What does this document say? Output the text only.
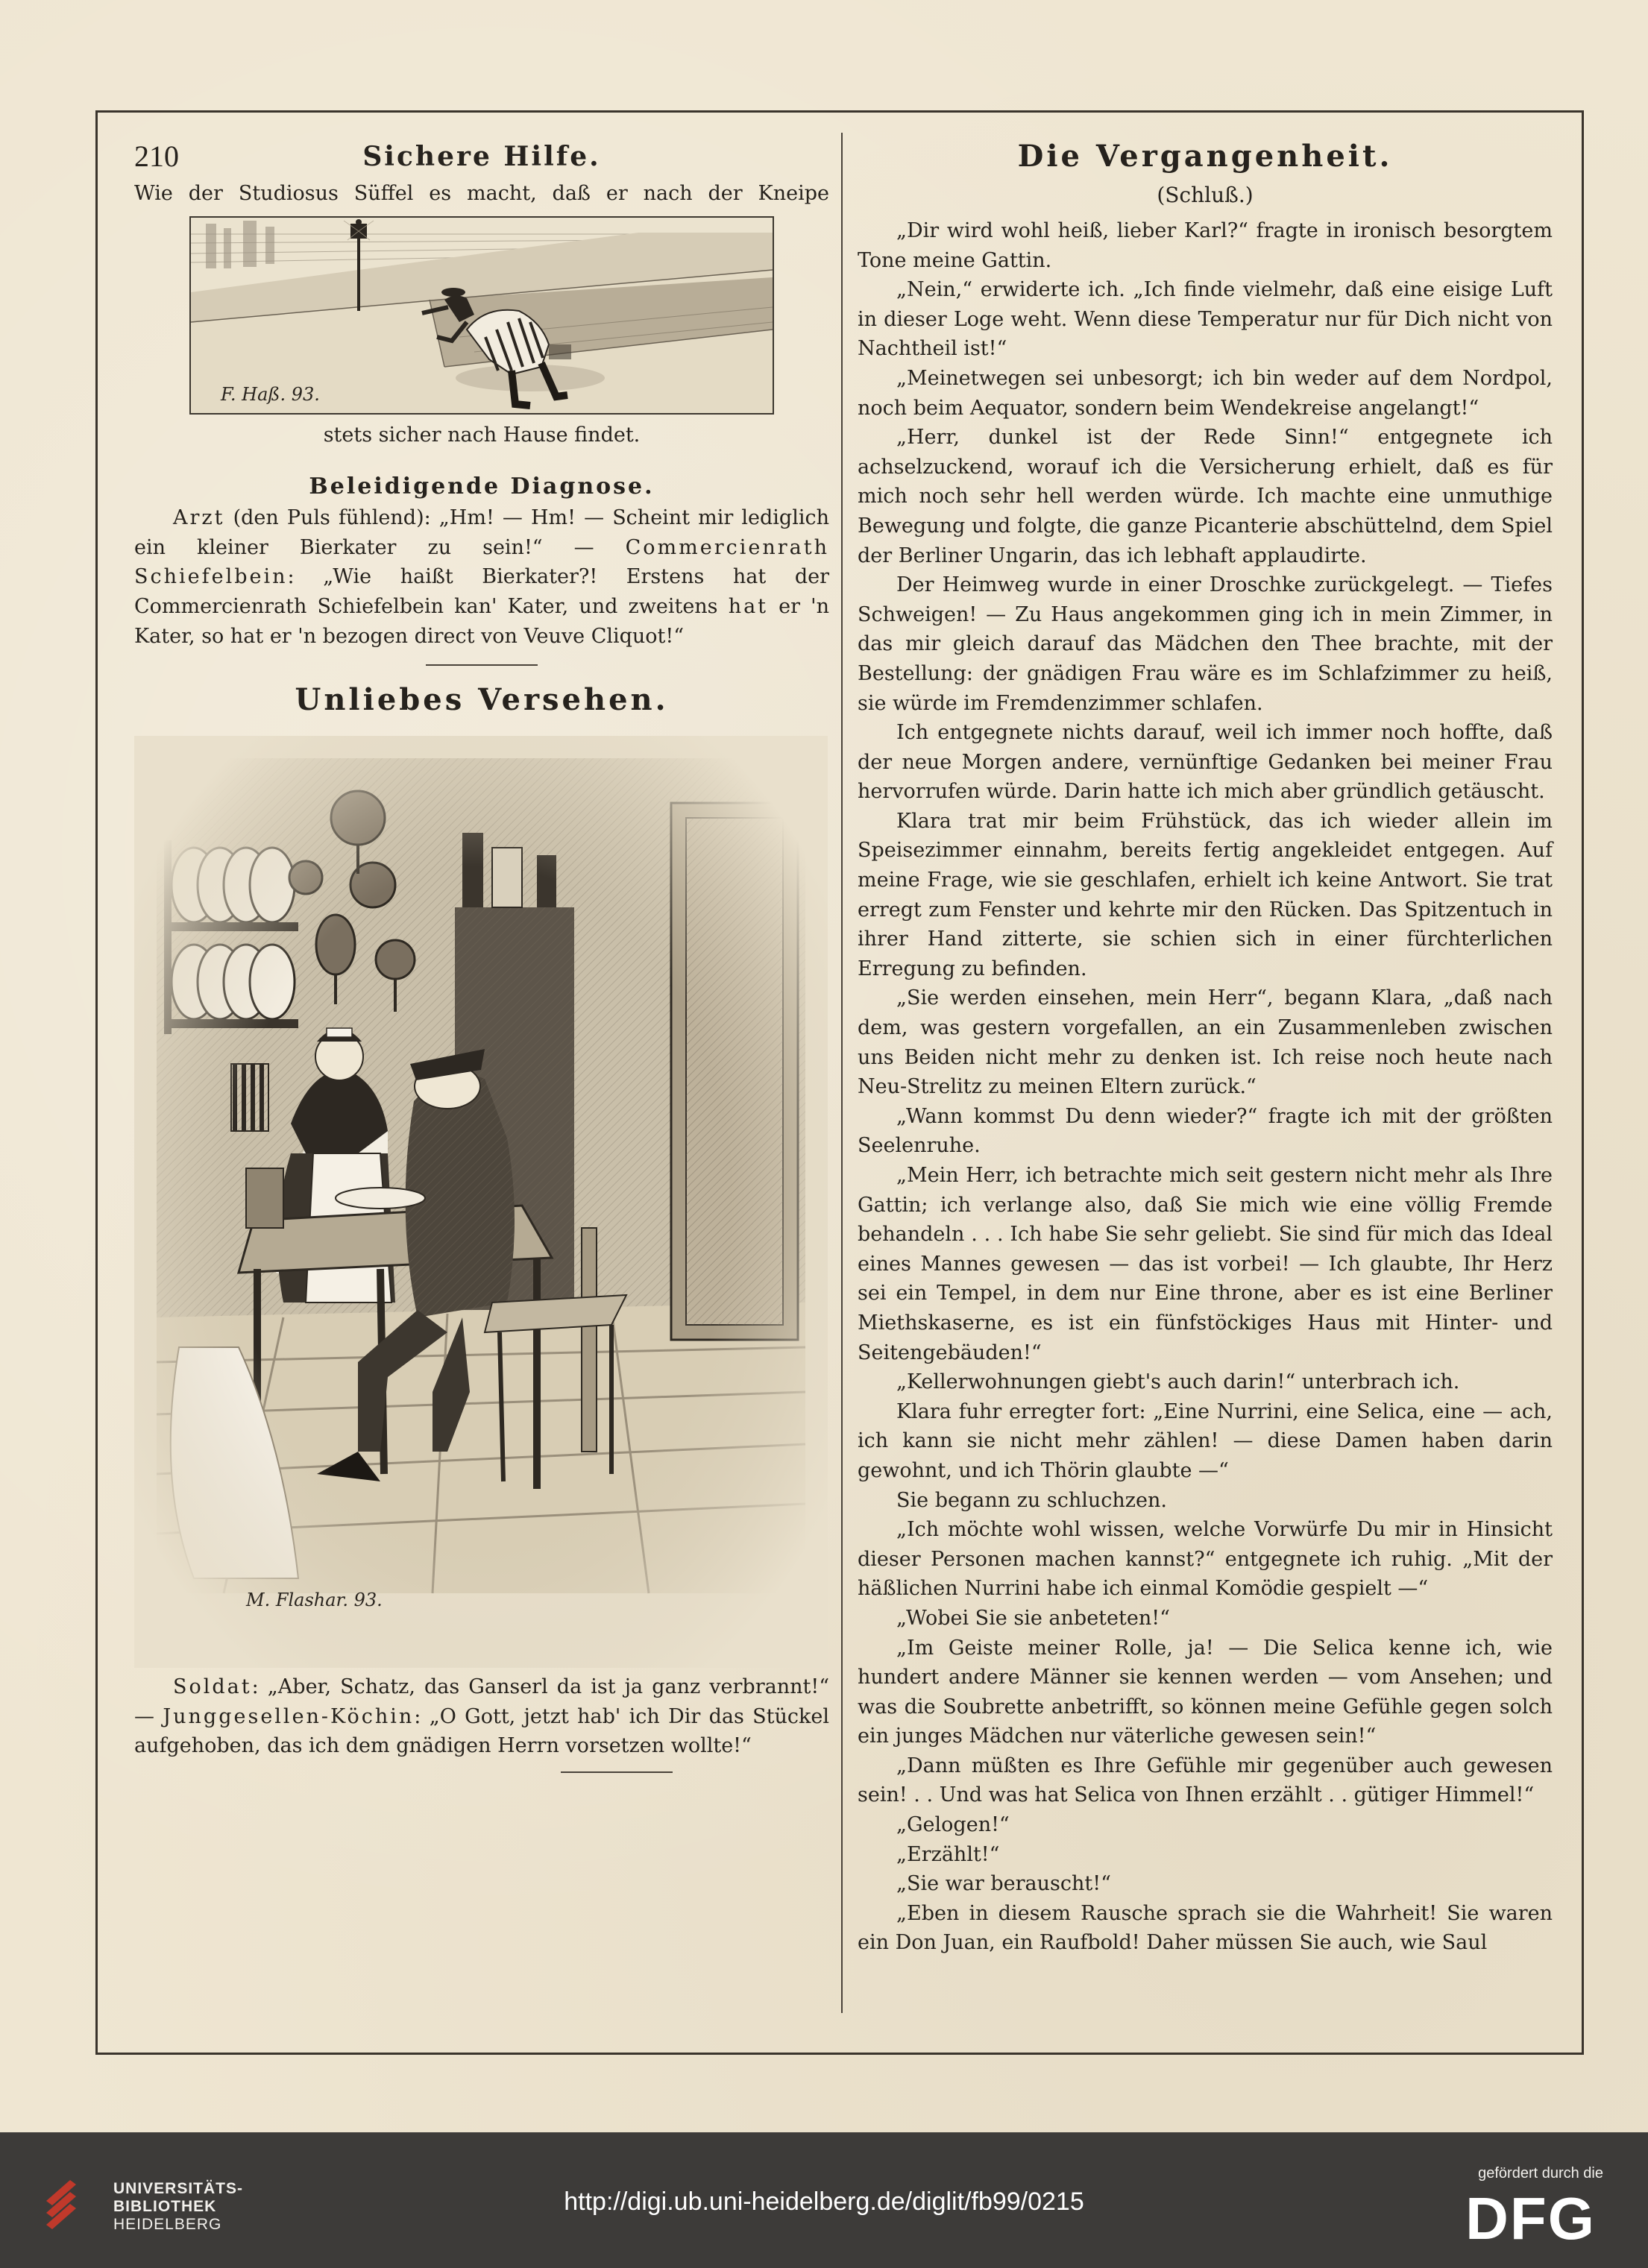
210	Sichere Hilfe.

Wie der Studiosus Süffel es macht, daß er nach der Kneipe

F. Haß. 93.

stets sicher nach Hause findet.

Beleidigende Diagnose.

Arzt (den Puls fühlend): „Hm! — Hm! — Scheint mir lediglich ein kleiner Bierkater zu sein!“ — Commercienrath Schiefelbein: „Wie haißt Bierkater?! Erstens hat der Commercienrath Schiefelbein kan' Kater, und zweitens hat er 'n Kater, so hat er 'n bezogen direct von Veuve Cliquot!“

Unliebes Versehen.
M. Flashar. 93.

Soldat: „Aber, Schatz, das Ganserl da ist ja ganz verbrannt!“ — Junggesellen-Köchin: „O Gott, jetzt hab' ich Dir das Stückel aufgehoben, das ich dem gnädigen Herrn vorsetzen wollte!“

Die Vergangenheit.

(Schluß.)

„Dir wird wohl heiß, lieber Karl?“ fragte in ironisch besorgtem Tone meine Gattin.

„Nein,“ erwiderte ich. „Ich finde vielmehr, daß eine eisige Luft in dieser Loge weht. Wenn diese Temperatur nur für Dich nicht von Nachtheil ist!“

„Meinetwegen sei unbesorgt; ich bin weder auf dem Nordpol, noch beim Aequator, sondern beim Wendekreise angelangt!“

„Herr, dunkel ist der Rede Sinn!“ entgegnete ich achselzuckend, worauf ich die Versicherung erhielt, daß es für mich noch sehr hell werden würde. Ich machte eine unmuthige Bewegung und folgte, die ganze Picanterie abschüttelnd, dem Spiel der Berliner Ungarin, das ich lebhaft applaudirte.

Der Heimweg wurde in einer Droschke zurückgelegt. — Tiefes Schweigen! — Zu Haus angekommen ging ich in mein Zimmer, in das mir gleich darauf das Mädchen den Thee brachte, mit der Bestellung: der gnädigen Frau wäre es im Schlafzimmer zu heiß, sie würde im Fremdenzimmer schlafen.

Ich entgegnete nichts darauf, weil ich immer noch hoffte, daß der neue Morgen andere, vernünftige Gedanken bei meiner Frau hervorrufen würde. Darin hatte ich mich aber gründlich getäuscht.

Klara trat mir beim Frühstück, das ich wieder allein im Speisezimmer einnahm, bereits fertig angekleidet entgegen. Auf meine Frage, wie sie geschlafen, erhielt ich keine Antwort. Sie trat erregt zum Fenster und kehrte mir den Rücken. Das Spitzentuch in ihrer Hand zitterte, sie schien sich in einer fürchterlichen Erregung zu befinden.

„Sie werden einsehen, mein Herr“, begann Klara, „daß nach dem, was gestern vorgefallen, an ein Zusammenleben zwischen uns Beiden nicht mehr zu denken ist. Ich reise noch heute nach Neu-Strelitz zu meinen Eltern zurück.“

„Wann kommst Du denn wieder?“ fragte ich mit der größten Seelenruhe.

„Mein Herr, ich betrachte mich seit gestern nicht mehr als Ihre Gattin; ich verlange also, daß Sie mich wie eine völlig Fremde behandeln . . . Ich habe Sie sehr geliebt. Sie sind für mich das Ideal eines Mannes gewesen — das ist vorbei! — Ich glaubte, Ihr Herz sei ein Tempel, in dem nur Eine throne, aber es ist eine Berliner Miethskaserne, es ist ein fünfstöckiges Haus mit Hinter- und Seitengebäuden!“

„Kellerwohnungen giebt's auch darin!“ unterbrach ich.

Klara fuhr erregter fort: „Eine Nurrini, eine Selica, eine — ach, ich kann sie nicht mehr zählen! — diese Damen haben darin gewohnt, und ich Thörin glaubte —“

Sie begann zu schluchzen.

„Ich möchte wohl wissen, welche Vorwürfe Du mir in Hinsicht dieser Personen machen kannst?“ entgegnete ich ruhig. „Mit der häßlichen Nurrini habe ich einmal Komödie gespielt —“

„Wobei Sie sie anbeteten!“

„Im Geiste meiner Rolle, ja! — Die Selica kenne ich, wie hundert andere Männer sie kennen werden — vom Ansehen; und was die Soubrette anbetrifft, so können meine Gefühle gegen solch ein junges Mädchen nur väterliche gewesen sein!“

„Dann müßten es Ihre Gefühle mir gegenüber auch gewesen sein! . . Und was hat Selica von Ihnen erzählt . . gütiger Himmel!“

„Gelogen!“

„Erzählt!“

„Sie war berauscht!“

„Eben in diesem Rausche sprach sie die Wahrheit! Sie waren ein Don Juan, ein Raufbold! Daher müssen Sie auch, wie Saul

UNIVERSITÄTS-
BIBLIOTHEK
HEIDELBERG
http://digi.ub.uni-heidelberg.de/diglit/fb99/0215
gefördert durch die
DFG
